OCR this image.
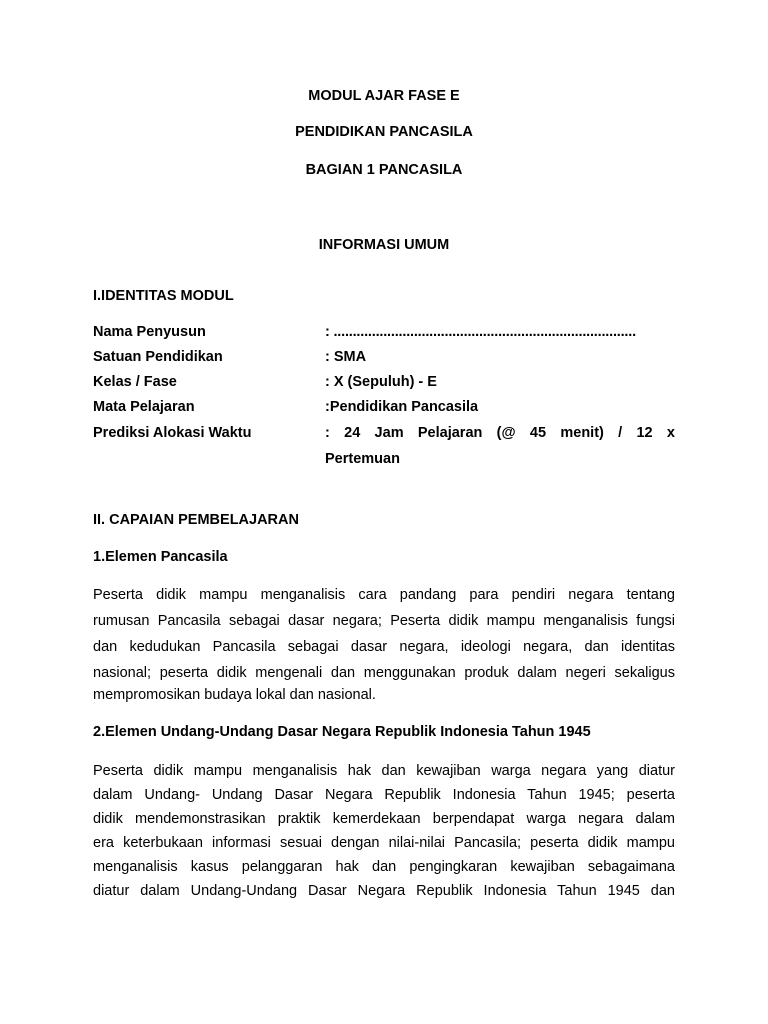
MODUL AJAR FASE E
PENDIDIKAN PANCASILA
BAGIAN 1 PANCASILA
INFORMASI UMUM
I.IDENTITAS MODUL
Nama Penyusun	: ...............................................................................
Satuan Pendidikan	: SMA
Kelas / Fase	: X (Sepuluh) - E
Mata Pelajaran	:Pendidikan Pancasila
Prediksi Alokasi Waktu	: 24 Jam Pelajaran (@ 45 menit) / 12 x
Pertemuan
II. CAPAIAN PEMBELAJARAN
1.Elemen Pancasila
Peserta didik mampu menganalisis cara pandang para pendiri negara tentang
rumusan Pancasila sebagai dasar negara; Peserta didik mampu menganalisis fungsi
dan kedudukan Pancasila sebagai dasar negara, ideologi negara, dan identitas
nasional; peserta didik mengenali dan menggunakan produk dalam negeri sekaligus
mempromosikan budaya lokal dan nasional.
2.Elemen Undang-Undang Dasar Negara Republik Indonesia Tahun 1945
Peserta didik mampu menganalisis hak dan kewajiban warga negara yang diatur
dalam Undang- Undang Dasar Negara Republik Indonesia Tahun 1945; peserta
didik mendemonstrasikan praktik kemerdekaan berpendapat warga negara dalam
era keterbukaan informasi sesuai dengan nilai-nilai Pancasila; peserta didik mampu
menganalisis kasus pelanggaran hak dan pengingkaran kewajiban sebagaimana
diatur dalam Undang-Undang Dasar Negara Republik Indonesia Tahun 1945 dan
